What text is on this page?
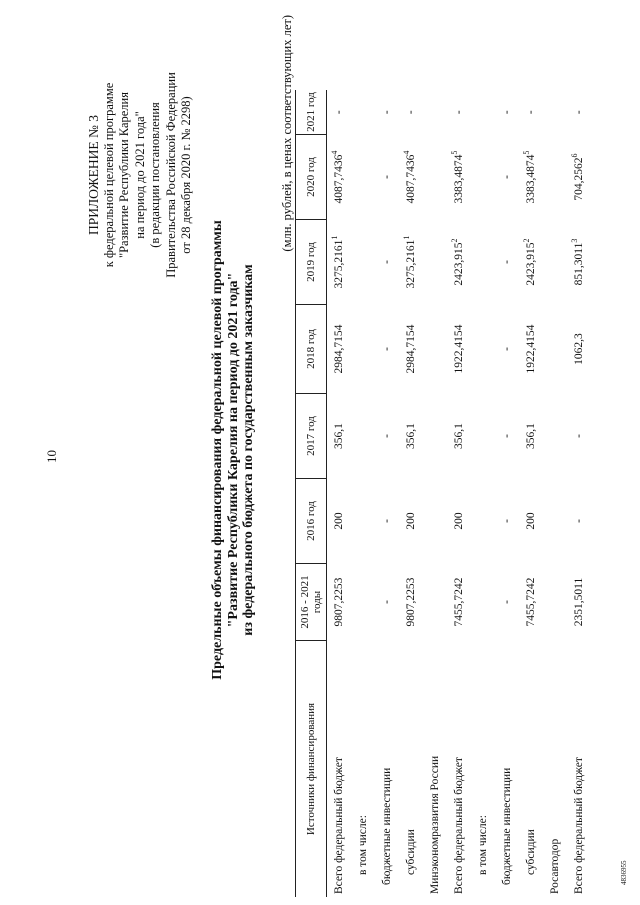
10
ПРИЛОЖЕНИЕ № 3 к федеральной целевой программе "Развитие Республики Карелия на период до 2021 года" (в редакции постановления Правительства Российской Федерации от 28 декабря 2020 г. № 2298)
Предельные объемы финансирования федеральной целевой программы "Развитие Республики Карелия на период до 2021 года" из федерального бюджета по государственным заказчикам
(млн. рублей, в ценах соответствующих лет)
Источники финансирования	2016 - 2021 годы	2016 год	2017 год	2018 год	2019 год	2020 год	2021 год
Всего федеральный бюджет	9807,2253	200	356,1	2984,7154	3275,2161$^1$	4087,7436$^4$	-
в том числе:							
бюджетные инвестиции	-	-	-	-	-	-	-
субсидии	9807,2253	200	356,1	2984,7154	3275,2161$^1$	4087,7436$^4$	-
Минэкономразвития России							
Всего федеральный бюджет	7455,7242	200	356,1	1922,4154	2423,915$^2$	3383,4874$^5$	-
в том числе:							
бюджетные инвестиции	-	-	-	-	-	-	-
субсидии	7455,7242	200	356,1	1922,4154	2423,915$^2$	3383,4874$^5$	-
Росавтодор							
Всего федеральный бюджет	2351,5011	-	-	1062,3	851,3011$^3$	704,2562$^6$	-
4836955
